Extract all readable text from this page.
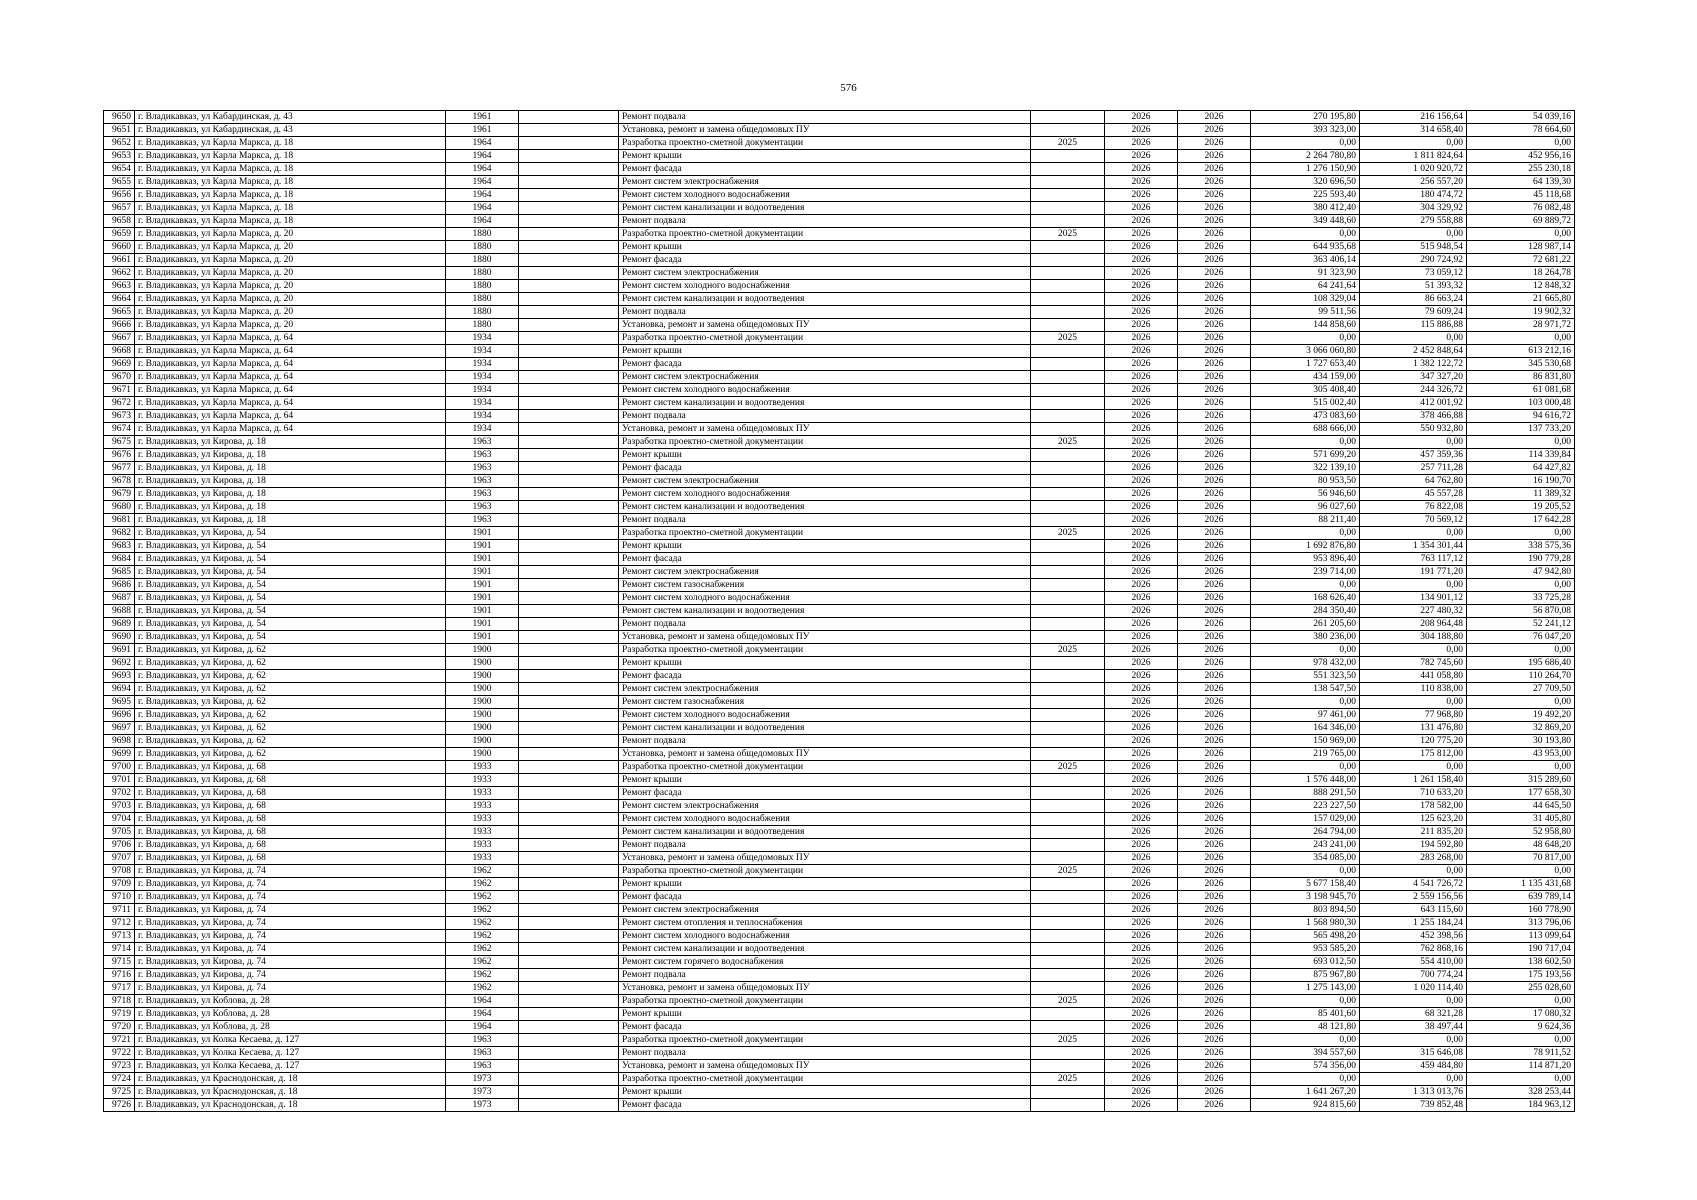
576
9650	г. Владикавказ, ул Кабардинская, д. 43	1961		Ремонт подвала		2026	2026	270 195,80	216 156,64	54 039,16
9651	г. Владикавказ, ул Кабардинская, д. 43	1961		Установка, ремонт и замена общедомовых ПУ		2026	2026	393 323,00	314 658,40	78 664,60
9652	г. Владикавказ, ул Карла Маркса, д. 18	1964		Разработка проектно-сметной документации	2025	2026	2026	0,00	0,00	0,00
9653	г. Владикавказ, ул Карла Маркса, д. 18	1964		Ремонт крыши		2026	2026	2 264 780,80	1 811 824,64	452 956,16
9654	г. Владикавказ, ул Карла Маркса, д. 18	1964		Ремонт фасада		2026	2026	1 276 150,90	1 020 920,72	255 230,18
9655	г. Владикавказ, ул Карла Маркса, д. 18	1964		Ремонт систем электроснабжения		2026	2026	320 696,50	256 557,20	64 139,30
9656	г. Владикавказ, ул Карла Маркса, д. 18	1964		Ремонт систем холодного водоснабжения		2026	2026	225 593,40	180 474,72	45 118,68
9657	г. Владикавказ, ул Карла Маркса, д. 18	1964		Ремонт систем канализации и водоотведения		2026	2026	380 412,40	304 329,92	76 082,48
9658	г. Владикавказ, ул Карла Маркса, д. 18	1964		Ремонт подвала		2026	2026	349 448,60	279 558,88	69 889,72
9659	г. Владикавказ, ул Карла Маркса, д. 20	1880		Разработка проектно-сметной документации	2025	2026	2026	0,00	0,00	0,00
9660	г. Владикавказ, ул Карла Маркса, д. 20	1880		Ремонт крыши		2026	2026	644 935,68	515 948,54	128 987,14
9661	г. Владикавказ, ул Карла Маркса, д. 20	1880		Ремонт фасада		2026	2026	363 406,14	290 724,92	72 681,22
9662	г. Владикавказ, ул Карла Маркса, д. 20	1880		Ремонт систем электроснабжения		2026	2026	91 323,90	73 059,12	18 264,78
9663	г. Владикавказ, ул Карла Маркса, д. 20	1880		Ремонт систем холодного водоснабжения		2026	2026	64 241,64	51 393,32	12 848,32
9664	г. Владикавказ, ул Карла Маркса, д. 20	1880		Ремонт систем канализации и водоотведения		2026	2026	108 329,04	86 663,24	21 665,80
9665	г. Владикавказ, ул Карла Маркса, д. 20	1880		Ремонт подвала		2026	2026	99 511,56	79 609,24	19 902,32
9666	г. Владикавказ, ул Карла Маркса, д. 20	1880		Установка, ремонт и замена общедомовых ПУ		2026	2026	144 858,60	115 886,88	28 971,72
9667	г. Владикавказ, ул Карла Маркса, д. 64	1934		Разработка проектно-сметной документации	2025	2026	2026	0,00	0,00	0,00
9668	г. Владикавказ, ул Карла Маркса, д. 64	1934		Ремонт крыши		2026	2026	3 066 060,80	2 452 848,64	613 212,16
9669	г. Владикавказ, ул Карла Маркса, д. 64	1934		Ремонт фасада		2026	2026	1 727 653,40	1 382 122,72	345 530,68
9670	г. Владикавказ, ул Карла Маркса, д. 64	1934		Ремонт систем электроснабжения		2026	2026	434 159,00	347 327,20	86 831,80
9671	г. Владикавказ, ул Карла Маркса, д. 64	1934		Ремонт систем холодного водоснабжения		2026	2026	305 408,40	244 326,72	61 081,68
9672	г. Владикавказ, ул Карла Маркса, д. 64	1934		Ремонт систем канализации и водоотведения		2026	2026	515 002,40	412 001,92	103 000,48
9673	г. Владикавказ, ул Карла Маркса, д. 64	1934		Ремонт подвала		2026	2026	473 083,60	378 466,88	94 616,72
9674	г. Владикавказ, ул Карла Маркса, д. 64	1934		Установка, ремонт и замена общедомовых ПУ		2026	2026	688 666,00	550 932,80	137 733,20
9675	г. Владикавказ, ул Кирова, д. 18	1963		Разработка проектно-сметной документации	2025	2026	2026	0,00	0,00	0,00
9676	г. Владикавказ, ул Кирова, д. 18	1963		Ремонт крыши		2026	2026	571 699,20	457 359,36	114 339,84
9677	г. Владикавказ, ул Кирова, д. 18	1963		Ремонт фасада		2026	2026	322 139,10	257 711,28	64 427,82
9678	г. Владикавказ, ул Кирова, д. 18	1963		Ремонт систем электроснабжения		2026	2026	80 953,50	64 762,80	16 190,70
9679	г. Владикавказ, ул Кирова, д. 18	1963		Ремонт систем холодного водоснабжения		2026	2026	56 946,60	45 557,28	11 389,32
9680	г. Владикавказ, ул Кирова, д. 18	1963		Ремонт систем канализации и водоотведения		2026	2026	96 027,60	76 822,08	19 205,52
9681	г. Владикавказ, ул Кирова, д. 18	1963		Ремонт подвала		2026	2026	88 211,40	70 569,12	17 642,28
9682	г. Владикавказ, ул Кирова, д. 54	1901		Разработка проектно-сметной документации	2025	2026	2026	0,00	0,00	0,00
9683	г. Владикавказ, ул Кирова, д. 54	1901		Ремонт крыши		2026	2026	1 692 876,80	1 354 301,44	338 575,36
9684	г. Владикавказ, ул Кирова, д. 54	1901		Ремонт фасада		2026	2026	953 896,40	763 117,12	190 779,28
9685	г. Владикавказ, ул Кирова, д. 54	1901		Ремонт систем электроснабжения		2026	2026	239 714,00	191 771,20	47 942,80
9686	г. Владикавказ, ул Кирова, д. 54	1901		Ремонт систем газоснабжения		2026	2026	0,00	0,00	0,00
9687	г. Владикавказ, ул Кирова, д. 54	1901		Ремонт систем холодного водоснабжения		2026	2026	168 626,40	134 901,12	33 725,28
9688	г. Владикавказ, ул Кирова, д. 54	1901		Ремонт систем канализации и водоотведения		2026	2026	284 350,40	227 480,32	56 870,08
9689	г. Владикавказ, ул Кирова, д. 54	1901		Ремонт подвала		2026	2026	261 205,60	208 964,48	52 241,12
9690	г. Владикавказ, ул Кирова, д. 54	1901		Установка, ремонт и замена общедомовых ПУ		2026	2026	380 236,00	304 188,80	76 047,20
9691	г. Владикавказ, ул Кирова, д. 62	1900		Разработка проектно-сметной документации	2025	2026	2026	0,00	0,00	0,00
9692	г. Владикавказ, ул Кирова, д. 62	1900		Ремонт крыши		2026	2026	978 432,00	782 745,60	195 686,40
9693	г. Владикавказ, ул Кирова, д. 62	1900		Ремонт фасада		2026	2026	551 323,50	441 058,80	110 264,70
9694	г. Владикавказ, ул Кирова, д. 62	1900		Ремонт систем электроснабжения		2026	2026	138 547,50	110 838,00	27 709,50
9695	г. Владикавказ, ул Кирова, д. 62	1900		Ремонт систем газоснабжения		2026	2026	0,00	0,00	0,00
9696	г. Владикавказ, ул Кирова, д. 62	1900		Ремонт систем холодного водоснабжения		2026	2026	97 461,00	77 968,80	19 492,20
9697	г. Владикавказ, ул Кирова, д. 62	1900		Ремонт систем канализации и водоотведения		2026	2026	164 346,00	131 476,80	32 869,20
9698	г. Владикавказ, ул Кирова, д. 62	1900		Ремонт подвала		2026	2026	150 969,00	120 775,20	30 193,80
9699	г. Владикавказ, ул Кирова, д. 62	1900		Установка, ремонт и замена общедомовых ПУ		2026	2026	219 765,00	175 812,00	43 953,00
9700	г. Владикавказ, ул Кирова, д. 68	1933		Разработка проектно-сметной документации	2025	2026	2026	0,00	0,00	0,00
9701	г. Владикавказ, ул Кирова, д. 68	1933		Ремонт крыши		2026	2026	1 576 448,00	1 261 158,40	315 289,60
9702	г. Владикавказ, ул Кирова, д. 68	1933		Ремонт фасада		2026	2026	888 291,50	710 633,20	177 658,30
9703	г. Владикавказ, ул Кирова, д. 68	1933		Ремонт систем электроснабжения		2026	2026	223 227,50	178 582,00	44 645,50
9704	г. Владикавказ, ул Кирова, д. 68	1933		Ремонт систем холодного водоснабжения		2026	2026	157 029,00	125 623,20	31 405,80
9705	г. Владикавказ, ул Кирова, д. 68	1933		Ремонт систем канализации и водоотведения		2026	2026	264 794,00	211 835,20	52 958,80
9706	г. Владикавказ, ул Кирова, д. 68	1933		Ремонт подвала		2026	2026	243 241,00	194 592,80	48 648,20
9707	г. Владикавказ, ул Кирова, д. 68	1933		Установка, ремонт и замена общедомовых ПУ		2026	2026	354 085,00	283 268,00	70 817,00
9708	г. Владикавказ, ул Кирова, д. 74	1962		Разработка проектно-сметной документации	2025	2026	2026	0,00	0,00	0,00
9709	г. Владикавказ, ул Кирова, д. 74	1962		Ремонт крыши		2026	2026	5 677 158,40	4 541 726,72	1 135 431,68
9710	г. Владикавказ, ул Кирова, д. 74	1962		Ремонт фасада		2026	2026	3 198 945,70	2 559 156,56	639 789,14
9711	г. Владикавказ, ул Кирова, д. 74	1962		Ремонт систем электроснабжения		2026	2026	803 894,50	643 115,60	160 778,90
9712	г. Владикавказ, ул Кирова, д. 74	1962		Ремонт систем отопления и теплоснабжения		2026	2026	1 568 980,30	1 255 184,24	313 796,06
9713	г. Владикавказ, ул Кирова, д. 74	1962		Ремонт систем холодного водоснабжения		2026	2026	565 498,20	452 398,56	113 099,64
9714	г. Владикавказ, ул Кирова, д. 74	1962		Ремонт систем канализации и водоотведения		2026	2026	953 585,20	762 868,16	190 717,04
9715	г. Владикавказ, ул Кирова, д. 74	1962		Ремонт систем горячего водоснабжения		2026	2026	693 012,50	554 410,00	138 602,50
9716	г. Владикавказ, ул Кирова, д. 74	1962		Ремонт подвала		2026	2026	875 967,80	700 774,24	175 193,56
9717	г. Владикавказ, ул Кирова, д. 74	1962		Установка, ремонт и замена общедомовых ПУ		2026	2026	1 275 143,00	1 020 114,40	255 028,60
9718	г. Владикавказ, ул Коблова, д. 28	1964		Разработка проектно-сметной документации	2025	2026	2026	0,00	0,00	0,00
9719	г. Владикавказ, ул Коблова, д. 28	1964		Ремонт крыши		2026	2026	85 401,60	68 321,28	17 080,32
9720	г. Владикавказ, ул Коблова, д. 28	1964		Ремонт фасада		2026	2026	48 121,80	38 497,44	9 624,36
9721	г. Владикавказ, ул Колка Кесаева, д. 127	1963		Разработка проектно-сметной документации	2025	2026	2026	0,00	0,00	0,00
9722	г. Владикавказ, ул Колка Кесаева, д. 127	1963		Ремонт подвала		2026	2026	394 557,60	315 646,08	78 911,52
9723	г. Владикавказ, ул Колка Кесаева, д. 127	1963		Установка, ремонт и замена общедомовых ПУ		2026	2026	574 356,00	459 484,80	114 871,20
9724	г. Владикавказ, ул Краснодонская, д. 18	1973		Разработка проектно-сметной документации	2025	2026	2026	0,00	0,00	0,00
9725	г. Владикавказ, ул Краснодонская, д. 18	1973		Ремонт крыши		2026	2026	1 641 267,20	1 313 013,76	328 253,44
9726	г. Владикавказ, ул Краснодонская, д. 18	1973		Ремонт фасада		2026	2026	924 815,60	739 852,48	184 963,12
